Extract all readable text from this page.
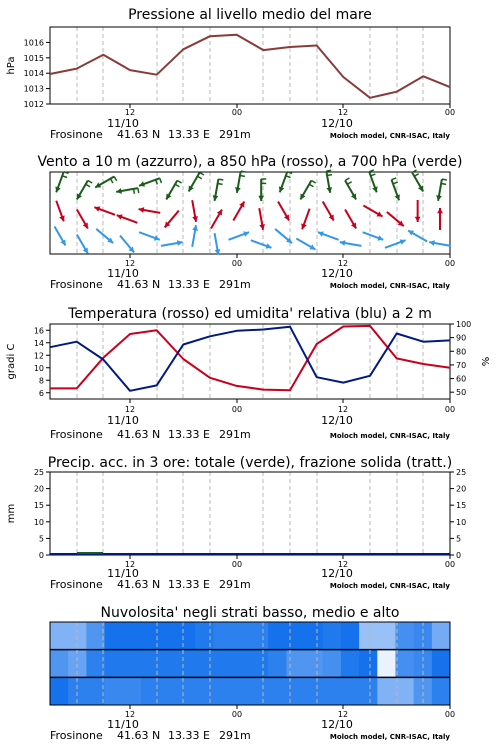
Pressione al livello medio del mare
12	00	12	00
11/10	12/10
Frosinone 41.63 N 13.33 E 291m	Moloch model, CNR-ISAC, Italy
1012
1013
1014
1015
1016
hPa
Vento a 10 m (azzurro), a 850 hPa (rosso), a 700 hPa (verde)
12	00	12	00
11/10	12/10
Frosinone 41.63 N 13.33 E 291m	Moloch model, CNR-ISAC, Italy
Temperatura (rosso) ed umidita' relativa (blu) a 2 m
12	00	12	00
11/10	12/10
Frosinone 41.63 N 13.33 E 291m	Moloch model, CNR-ISAC, Italy
6
8
10
12
14
16
50
60
70
80
90
100
gradi C	%
Precip. acc. in 3 ore: totale (verde), frazione solida (tratt.)
12	00	12	00
11/10	12/10
Frosinone 41.63 N 13.33 E 291m	Moloch model, CNR-ISAC, Italy
0
5
10
15
20
25
0
5
10
15
20
25
mm
Nuvolosita' negli strati basso, medio e alto
12	00	12	00
11/10	12/10
Frosinone 41.63 N 13.33 E 291m	Moloch model, CNR-ISAC, Italy
